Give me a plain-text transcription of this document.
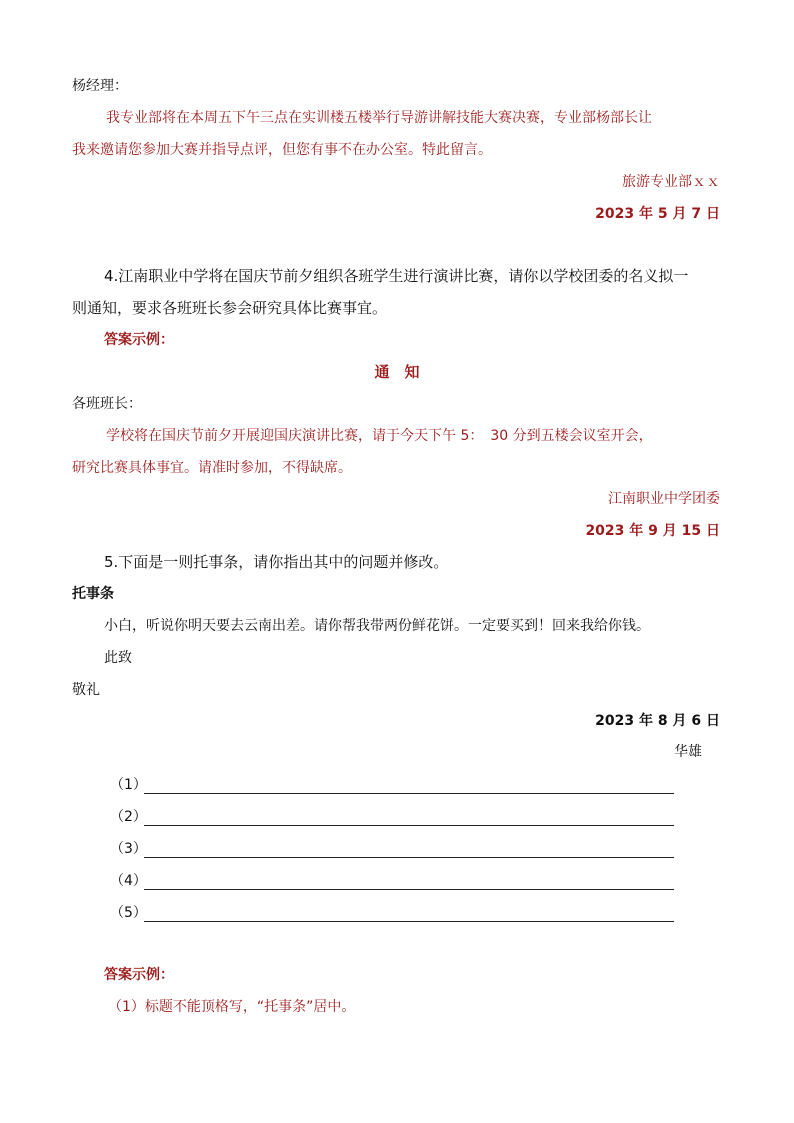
杨经理：
我专业部将在本周五下午三点在实训楼五楼举行导游讲解技能大赛决赛，专业部杨部长让
我来邀请您参加大赛并指导点评，但您有事不在办公室。特此留言。
旅游专业部ｘｘ
2023 年 5 月 7 日
4.江南职业中学将在国庆节前夕组织各班学生进行演讲比赛，请你以学校团委的名义拟一
则通知，要求各班班长参会研究具体比赛事宜。
答案示例：
通　知
各班班长：
学校将在国庆节前夕开展迎国庆演讲比赛，请于今天下午 5：　30 分到五楼会议室开会，
研究比赛具体事宜。请准时参加，不得缺席。
江南职业中学团委
2023 年 9 月 15 日
5.下面是一则托事条，请你指出其中的问题并修改。
托事条
小白，听说你明天要去云南出差。请你帮我带两份鲜花饼。一定要买到！回来我给你钱。
此致
敬礼
2023 年 8 月 6 日
华雄
（1）
（2）
（3）
（4）
（5）
答案示例：
（1）标题不能顶格写，“托事条”居中。
